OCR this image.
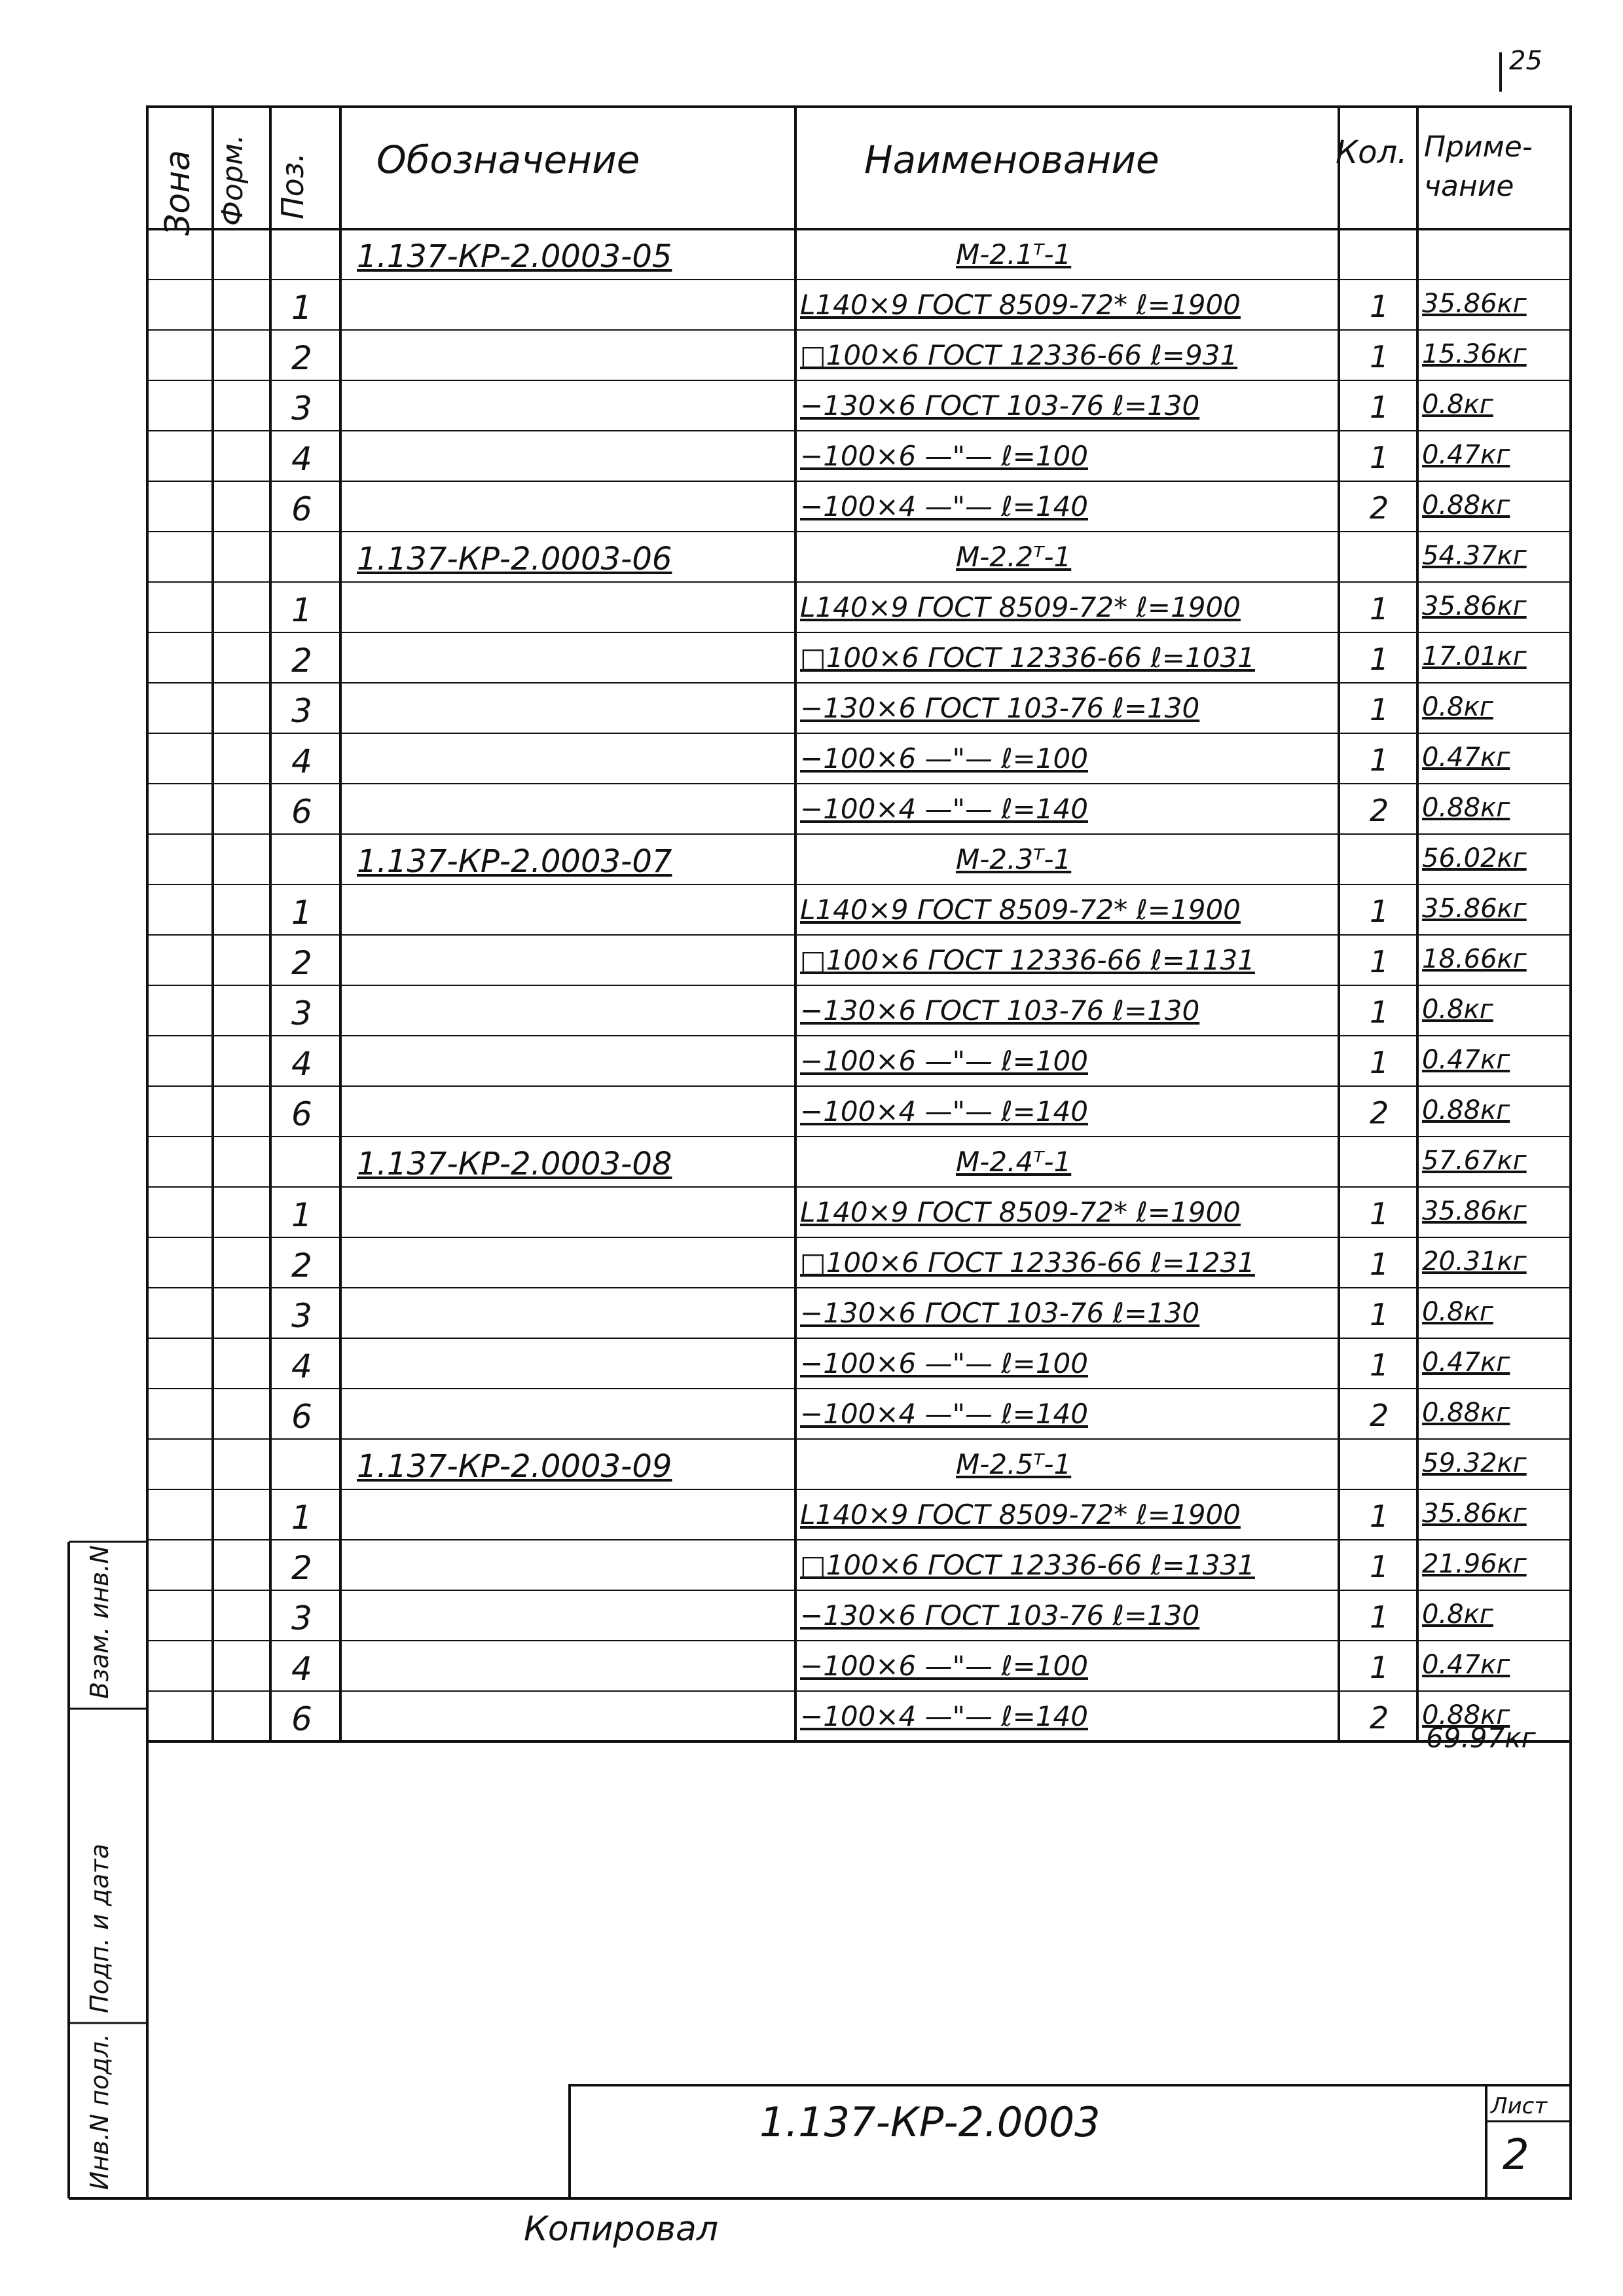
25
Зона Форм. Поз. Обозначение	Наименование	Кол. Приме-
чание
1.137-КР-2.0003-05	М-2.1ᵀ-1
1	L140×9 ГОСТ 8509-72* ℓ=1900	1 35.86кг
2	□100×6 ГОСТ 12336-66 ℓ=931	1 15.36кг
3	−130×6 ГОСТ 103-76 ℓ=130	1 0.8кг
4	−100×6 —"— ℓ=100	1 0.47кг
6	−100×4 —"— ℓ=140	2 0.88кг
1.137-КР-2.0003-06	М-2.2ᵀ-1	54.37кг
1	L140×9 ГОСТ 8509-72* ℓ=1900	1 35.86кг
2	□100×6 ГОСТ 12336-66 ℓ=1031	1 17.01кг
3	−130×6 ГОСТ 103-76 ℓ=130	1 0.8кг
4	−100×6 —"— ℓ=100	1 0.47кг
6	−100×4 —"— ℓ=140	2 0.88кг
1.137-КР-2.0003-07	М-2.3ᵀ-1	56.02кг
1	L140×9 ГОСТ 8509-72* ℓ=1900	1 35.86кг
2	□100×6 ГОСТ 12336-66 ℓ=1131	1 18.66кг
3	−130×6 ГОСТ 103-76 ℓ=130	1 0.8кг
4	−100×6 —"— ℓ=100	1 0.47кг
6	−100×4 —"— ℓ=140	2 0.88кг
1.137-КР-2.0003-08	М-2.4ᵀ-1	57.67кг
1	L140×9 ГОСТ 8509-72* ℓ=1900	1 35.86кг
2	□100×6 ГОСТ 12336-66 ℓ=1231	1 20.31кг
3	−130×6 ГОСТ 103-76 ℓ=130	1 0.8кг
4	−100×6 —"— ℓ=100	1 0.47кг
6	−100×4 —"— ℓ=140	2 0.88кг
1.137-КР-2.0003-09	М-2.5ᵀ-1	59.32кг
1	L140×9 ГОСТ 8509-72* ℓ=1900	1 35.86кг
2	□100×6 ГОСТ 12336-66 ℓ=1331	1 21.96кг
3	−130×6 ГОСТ 103-76 ℓ=130	1 0.8кг
4	−100×6 —"— ℓ=100	1 0.47кг
6	−100×4 —"— ℓ=140	2 0.88кг
69.97кг
Инв.N подл.
Подп. и дата
Взам. инв.N
1.137-КР-2.0003	Лист
2
Копировал
